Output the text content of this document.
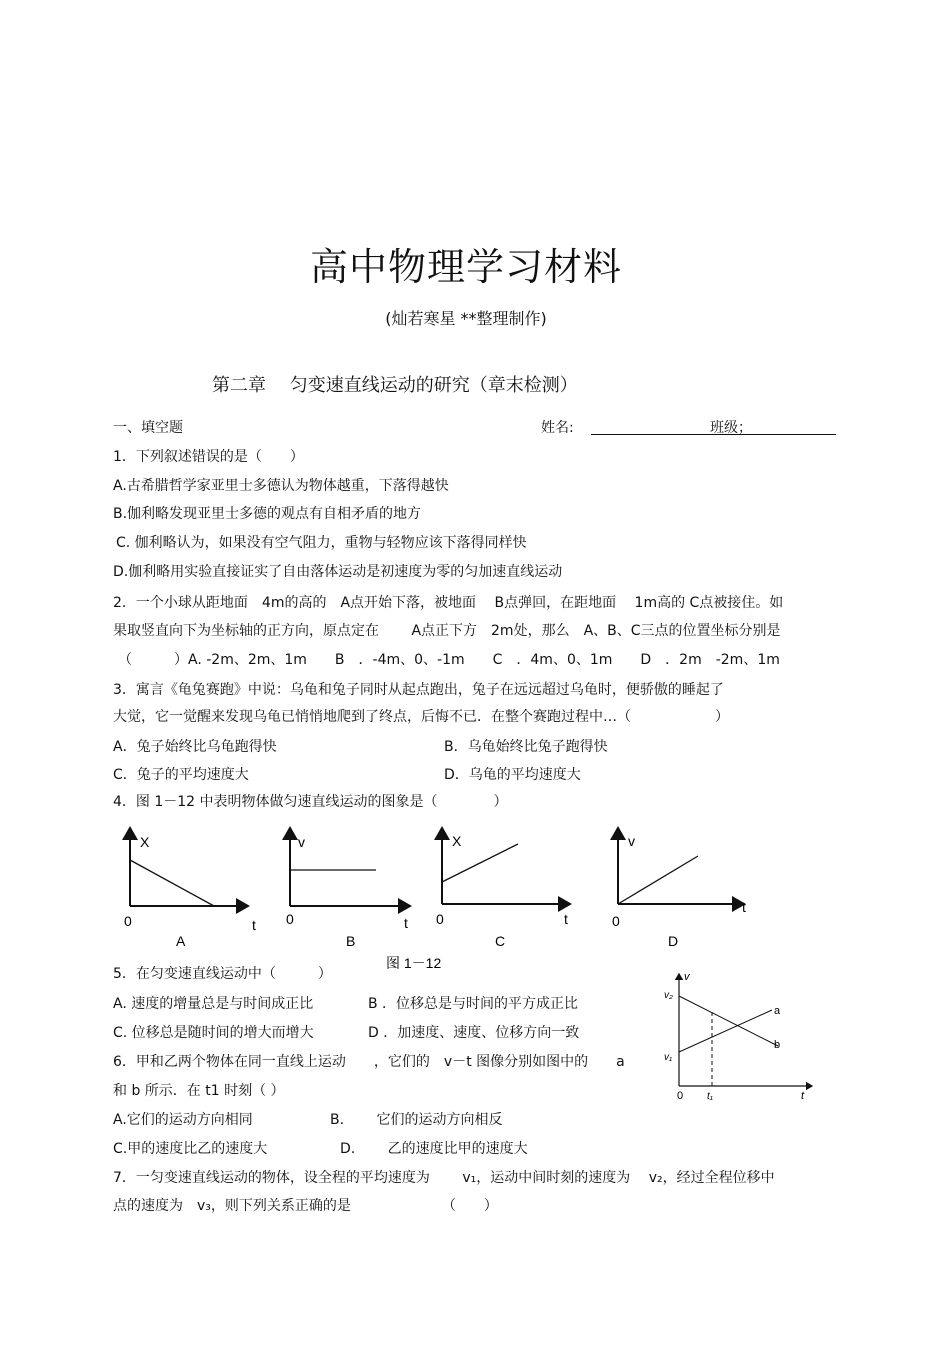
高中物理学习材料
(灿若寒星 **整理制作)
第二章　 匀变速直线运动的研究（章末检测）
一、填空题	姓名:	班级；
1．下列叙述错误的是（　　）
A.古希腊哲学家亚里士多德认为物体越重，下落得越快
B.伽利略发现亚里士多德的观点有自相矛盾的地方
C. 伽利略认为，如果没有空气阻力，重物与轻物应该下落得同样快
D.伽利略用实验直接证实了自由落体运动是初速度为零的匀加速直线运动
2．一个小球从距地面　4m的高的　A点开始下落，被地面　 B点弹回，在距地面　 1m高的 C点被接住。如
果取竖直向下为坐标轴的正方向，原点定在　　 A点正下方　2m处，那么　A、B、C三点的位置坐标分别是
（　　　）A. -2m、2m、1m　　B　．-4m、0、-1m　　C　．4m、0、1m　　D　．2m　-2m、1m
3．寓言《龟兔赛跑》中说：乌龟和兔子同时从起点跑出，兔子在远远超过乌龟时，便骄傲的睡起了
大觉，它一觉醒来发现乌龟已悄悄地爬到了终点，后悔不已．在整个赛跑过程中…（　　　　　　）
A．兔子始终比乌龟跑得快	B．乌龟始终比兔子跑得快
C．兔子的平均速度大	D．乌龟的平均速度大
4．图 1－12 中表明物体做匀速直线运动的图象是（　　　　）
X
0	t
A
v
0	t
B
X
0	t
C
v
0
t
D
图 1－12
5．在匀变速直线运动中（　　　）
A. 速度的增量总是与时间成正比	B ．位移总是与时间的平方成正比
C. 位移总是随时间的增大而增大	D ．加速度、速度、位移方向一致
6．甲和乙两个物体在同一直线上运动　　，它们的　v－t 图像分别如图中的　　a
和 b 所示．在 t1 时刻（ ）
A.它们的运动方向相同	B.　　 它们的运动方向相反
C.甲的速度比乙的速度大	D.　　 乙的速度比甲的速度大
v
v₂
v₁
0 t₁	t
a
b
7．一匀变速直线运动的物体，设全程的平均速度为　　 v₁，运动中间时刻的速度为　 v₂，经过全程位移中
点的速度为　v₃，则下列关系正确的是　　　　　　　（　　）
